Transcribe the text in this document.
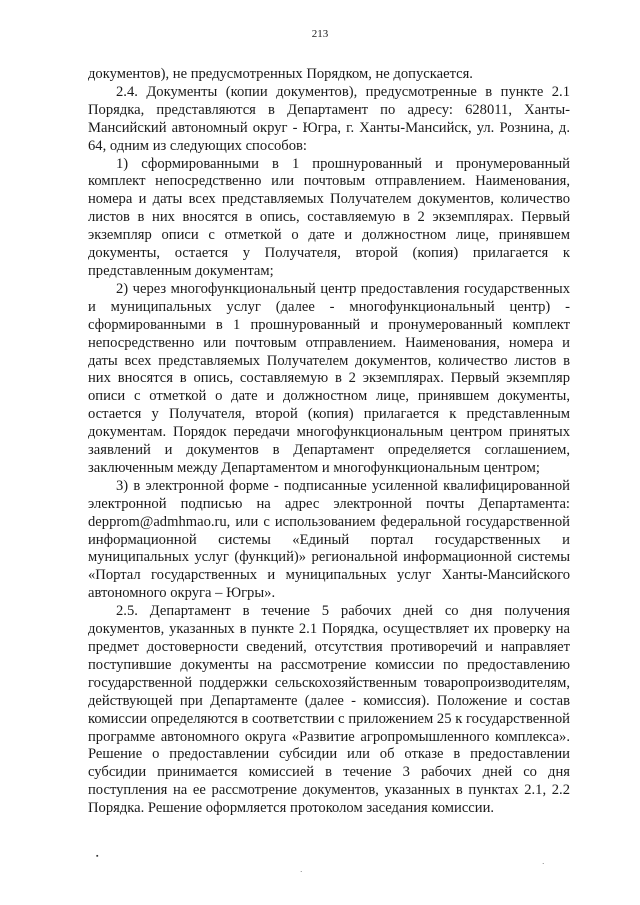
213

документов), не предусмотренных Порядком, не допускается.

2.4. Документы (копии документов), предусмотренные в пункте 2.1 Порядка, представляются в Департамент по адресу: 628011, Ханты-Мансийский автономный округ - Югра, г. Ханты-Мансийск, ул. Рознина, д. 64, одним из следующих способов:

1) сформированными в 1 прошнурованный и пронумерованный комплект непосредственно или почтовым отправлением. Наименования, номера и даты всех представляемых Получателем документов, количество листов в них вносятся в опись, составляемую в 2 экземплярах. Первый экземпляр описи с отметкой о дате и должностном лице, принявшем документы, остается у Получателя, второй (копия) прилагается к представленным документам;

2) через многофункциональный центр предоставления государственных и муниципальных услуг (далее - многофункциональный центр) - сформированными в 1 прошнурованный и пронумерованный комплект непосредственно или почтовым отправлением. Наименования, номера и даты всех представляемых Получателем документов, количество листов в них вносятся в опись, составляемую в 2 экземплярах. Первый экземпляр описи с отметкой о дате и должностном лице, принявшем документы, остается у Получателя, второй (копия) прилагается к представленным документам. Порядок передачи многофункциональным центром принятых заявлений и документов в Департамент определяется соглашением, заключенным между Департаментом и многофункциональным центром;

3) в электронной форме - подписанные усиленной квалифицированной электронной подписью на адрес электронной почты Департамента: depprom@admhmao.ru, или с использованием федеральной государственной информационной системы «Единый портал государственных и муниципальных услуг (функций)» региональной информационной системы «Портал государственных и муниципальных услуг Ханты-Мансийского автономного округа – Югры».

2.5. Департамент в течение 5 рабочих дней со дня получения документов, указанных в пункте 2.1 Порядка, осуществляет их проверку на предмет достоверности сведений, отсутствия противоречий и направляет поступившие документы на рассмотрение комиссии по предоставлению государственной поддержки сельскохозяйственным товаропроизводителям, действующей при Департаменте (далее - комиссия). Положение и состав комиссии определяются в соответствии с приложением 25 к государственной программе автономного округа «Развитие агропромышленного комплекса». Решение о предоставлении субсидии или об отказе в предоставлении субсидии принимается комиссией в течение 3 рабочих дней со дня поступления на ее рассмотрение документов, указанных в пунктах 2.1, 2.2 Порядка. Решение оформляется протоколом заседания комиссии.

▪
·
·
